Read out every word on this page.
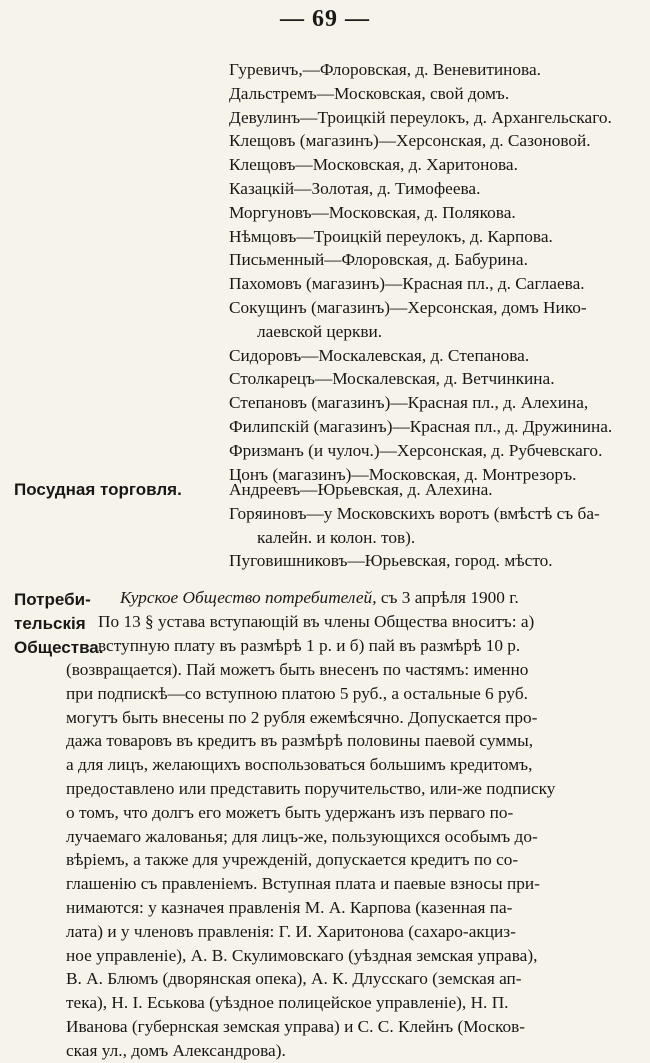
— 69 —
Гуревичъ,—Флоровская, д. Веневитинова.
Дальстремъ—Московская, свой домъ.
Девулинъ—Троицкій переулокъ, д. Архангельскаго.
Клещовъ (магазинъ)—Херсонская, д. Сазоновой.
Клещовъ—Московская, д. Харитонова.
Казацкій—Золотая, д. Тимофеева.
Моргуновъ—Московская, д. Полякова.
Нѣмцовъ—Троицкій переулокъ, д. Карпова.
Письменный—Флоровская, д. Бабурина.
Пахомовъ (магазинъ)—Красная пл., д. Саглаева.
Сокущинъ (магазинъ)—Херсонская, домъ Нико-
лаевской церкви.
Сидоровъ—Москалевская, д. Степанова.
Столкарецъ—Москалевская, д. Ветчинкина.
Степановъ (магазинъ)—Красная пл., д. Алехина,
Филипскій (магазинъ)—Красная пл., д. Дружинина.
Фризманъ (и чулоч.)—Херсонская, д. Рубчевскаго.
Цонъ (магазинъ)—Московская, д. Монтрезоръ.
Посудная торговля.	Андреевъ—Юрьевская, д. Алехина.
Горяиновъ—у Московскихъ воротъ (вмѣстѣ съ ба-
калейн. и колон. тов).
Пуговишниковъ—Юрьевская, город. мѣсто.
Потреби-
тельскія
Общества.
Курское Общество потребителей, съ 3 апрѣля 1900 г.
По 13 § устава вступающій въ члены Общества вноситъ: а)
вступную плату въ размѣрѣ 1 р. и б) пай въ размѣрѣ 10 р.
(возвращается). Пай можетъ быть внесенъ по частямъ: именно
при подпискѣ—со вступною платою 5 руб., а остальные 6 руб.
могутъ быть внесены по 2 рубля ежемѣсячно. Допускается про-
дажа товаровъ въ кредитъ въ размѣрѣ половины паевой суммы,
а для лицъ, желающихъ воспользоваться большимъ кредитомъ,
предоставлено или представить поручительство, или-же подписку
о томъ, что долгъ его можетъ быть удержанъ изъ перваго по-
лучаемаго жалованья; для лицъ-же, пользующихся особымъ до-
вѣріемъ, а также для учрежденій, допускается кредитъ по со-
глашенію съ правленіемъ. Вступная плата и паевые взносы при-
нимаются: у казначея правленія М. А. Карпова (казенная па-
лата) и у членовъ правленія: Г. И. Харитонова (сахаро-акциз-
ное управленіе), А. В. Скулимовскаго (уѣздная земская управа),
В. А. Блюмъ (дворянская опека), А. К. Длусскаго (земская ап-
тека), Н. І. Еськова (уѣздное полицейское управленіе), Н. П.
Иванова (губернская земская управа) и С. С. Клейнъ (Москов-
ская ул., домъ Александрова).
